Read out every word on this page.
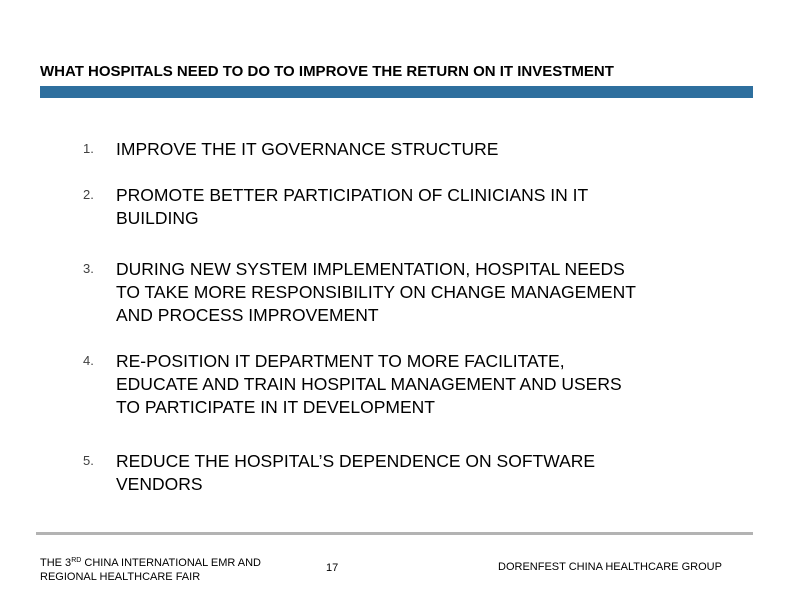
WHAT HOSPITALS NEED TO DO TO IMPROVE THE RETURN ON IT INVESTMENT
1. IMPROVE THE IT GOVERNANCE STRUCTURE
2. PROMOTE BETTER PARTICIPATION OF CLINICIANS IN IT
BUILDING
3. DURING NEW SYSTEM IMPLEMENTATION, HOSPITAL NEEDS
TO TAKE MORE RESPONSIBILITY ON CHANGE MANAGEMENT
AND PROCESS IMPROVEMENT
4. RE-POSITION IT DEPARTMENT TO MORE FACILITATE,
EDUCATE AND TRAIN HOSPITAL MANAGEMENT AND USERS
TO PARTICIPATE IN IT DEVELOPMENT
5. REDUCE THE HOSPITAL’S DEPENDENCE ON SOFTWARE
VENDORS
THE 3RD CHINA INTERNATIONAL EMR AND
REGIONAL HEALTHCARE FAIR
17	DORENFEST CHINA HEALTHCARE GROUP
